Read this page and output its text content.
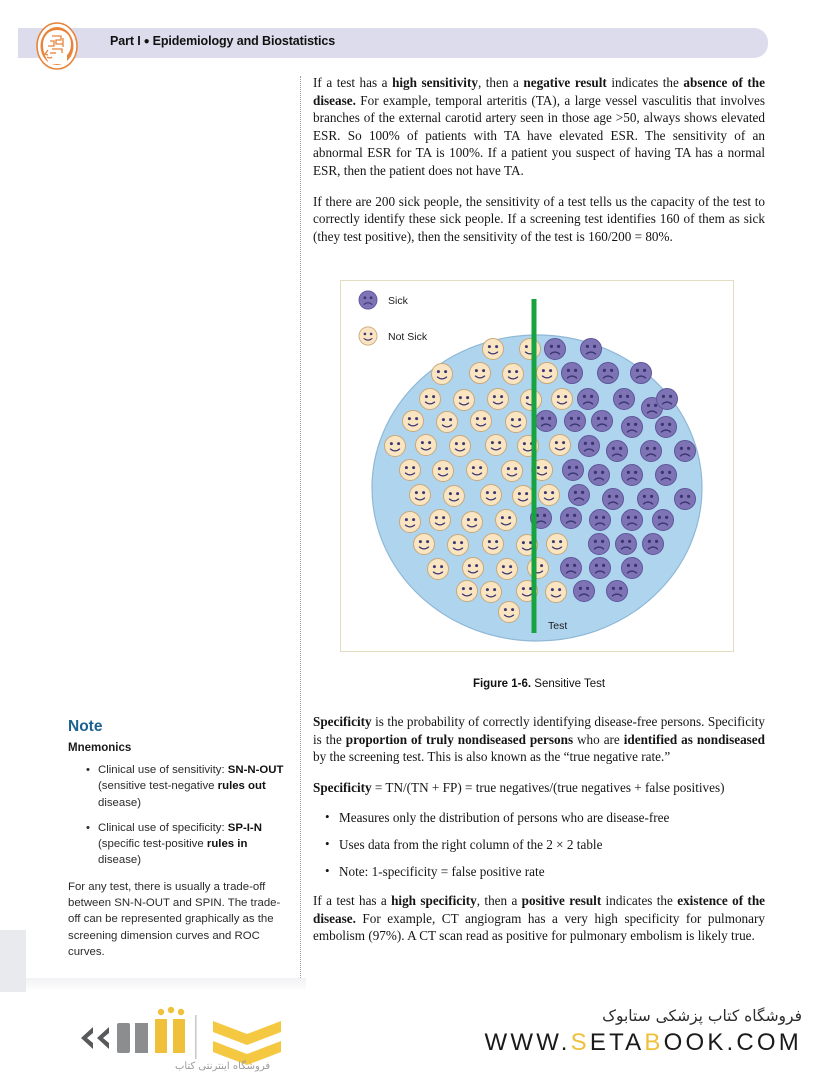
Part I ● Epidemiology and Biostatistics

If a test has a high sensitivity, then a negative result indicates the absence of the disease. For example, temporal arteritis (TA), a large vessel vasculitis that involves branches of the external carotid artery seen in those age >50, always shows elevated ESR. So 100% of patients with TA have elevated ESR. The sensitivity of an abnormal ESR for TA is 100%. If a patient you suspect of having TA has a normal ESR, then the patient does not have TA.

If there are 200 sick people, the sensitivity of a test tells us the capacity of the test to correctly identify these sick people. If a screening test identifies 160 of them as sick (they test positive), then the sensitivity of the test is 160/200 = 80%.

Sick
Not Sick
Test
Figure 1-6. Sensitive Test

Specificity is the probability of correctly identifying disease-free persons. Specificity is the proportion of truly nondiseased persons who are identified as nondiseased by the screening test. This is also known as the “true negative rate.”

Specificity = TN/(TN + FP) = true negatives/(true negatives + false positives)

• Measures only the distribution of persons who are disease-free
• Uses data from the right column of the 2 × 2 table
• Note: 1-specificity = false positive rate

If a test has a high specificity, then a positive result indicates the existence of the disease. For example, CT angiogram has a very high specificity for pulmonary embolism (97%). A CT scan read as positive for pulmonary embolism is likely true.

Note
Mnemonics
• Clinical use of sensitivity: SN-N-OUT (sensitive test-negative rules out disease)
• Clinical use of specificity: SP-I-N (specific test-positive rules in disease)

For any test, there is usually a trade-off between SN-N-OUT and SPIN. The trade-off can be represented graphically as the screening dimension curves and ROC curves.

فروشگاه اینترنتی کتاب
فروشگاه کتاب پزشکی ستابوک
WWW.SETABOOK.COM
